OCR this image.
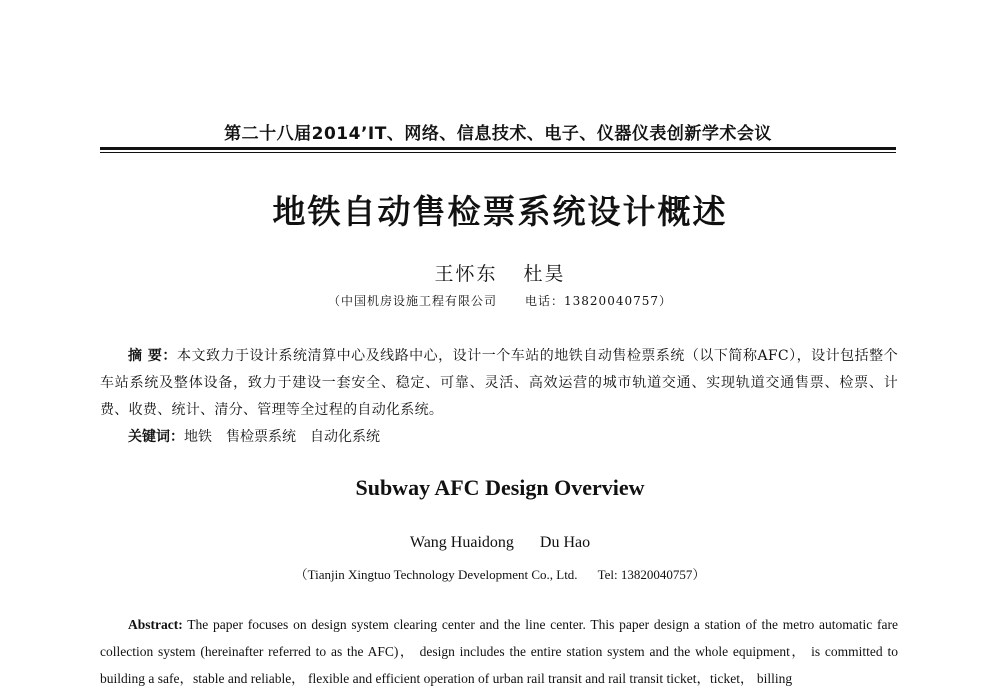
第二十八届2014’IT、网络、信息技术、电子、仪器仪表创新学术会议
地铁自动售检票系统设计概述
王怀东 杜昊
（中国机房设施工程有限公司 电话：13820040757）
摘 要：本文致力于设计系统清算中心及线路中心，设计一个车站的地铁自动售检票系统（以下简称AFC），设计包括整个车站系统及整体设备，致力于建设一套安全、稳定、可靠、灵活、高效运营的城市轨道交通、实现轨道交通售票、检票、计费、收费、统计、清分、管理等全过程的自动化系统。
关键词：地铁 售检票系统 自动化系统
Subway AFC Design Overview
Wang Huaidong Du Hao
（Tianjin Xingtuo Technology Development Co., Ltd. Tel: 13820040757）
Abstract: The paper focuses on design system clearing center and the line center. This paper design a station of the metro automatic fare collection system (hereinafter referred to as the AFC)， design includes the entire station system and the whole equipment， is committed to building a safe，stable and reliable， flexible and efficient operation of urban rail transit and rail transit ticket，ticket， billing
